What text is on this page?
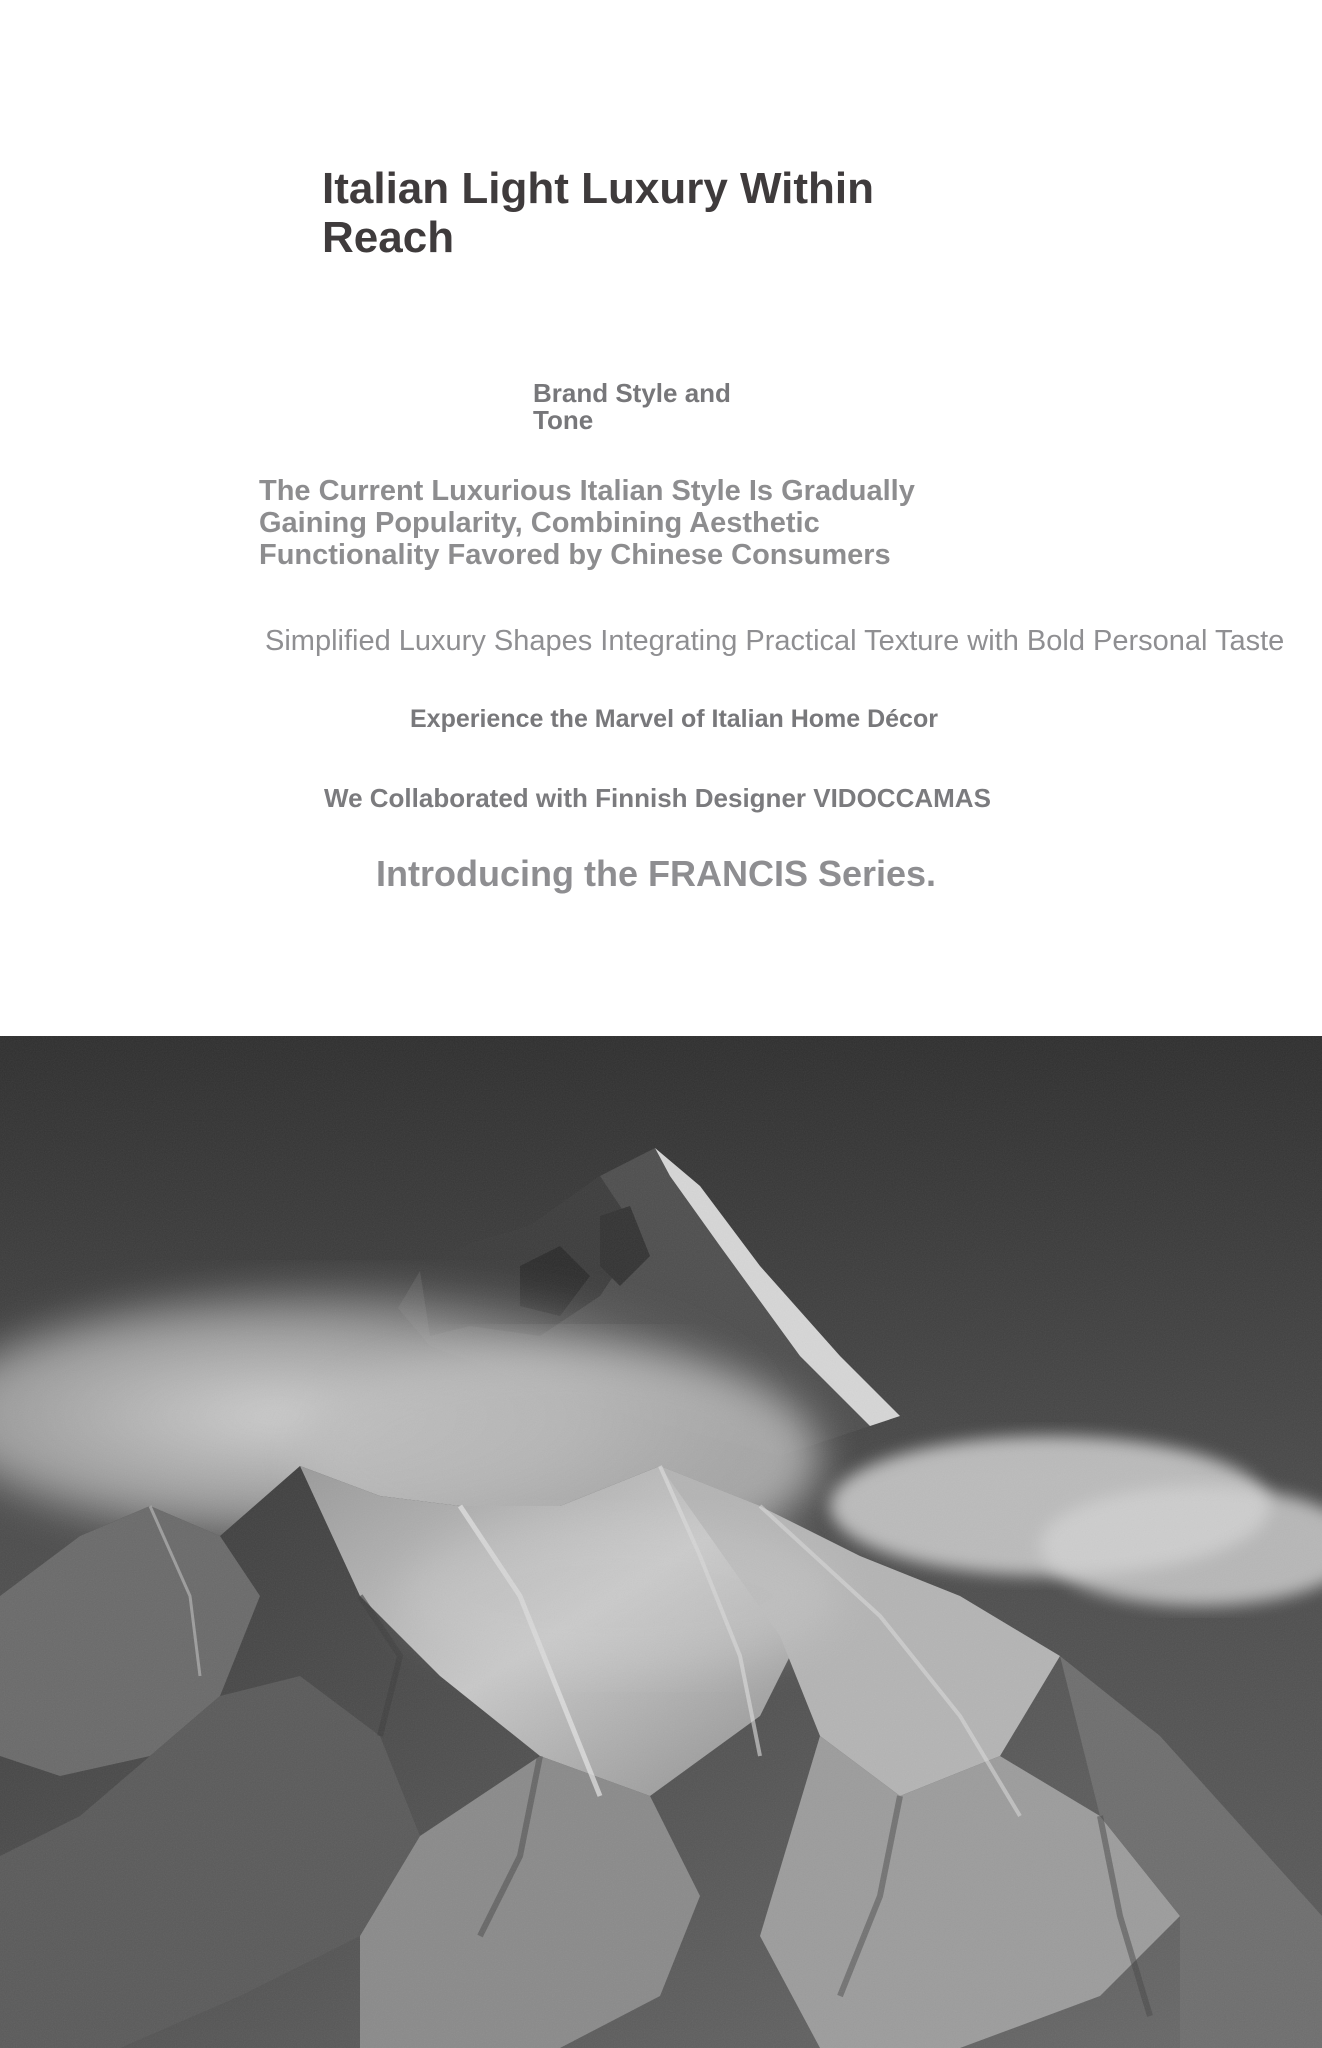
Italian Light Luxury Within Reach
Brand Style and Tone

The Current Luxurious Italian Style Is Gradually Gaining Popularity, Combining Aesthetic Functionality Favored by Chinese Consumers

Simplified Luxury Shapes Integrating Practical Texture with Bold Personal Taste

Experience the Marvel of Italian Home Décor

We Collaborated with Finnish Designer VIDOCCAMAS

Introducing the FRANCIS Series.
